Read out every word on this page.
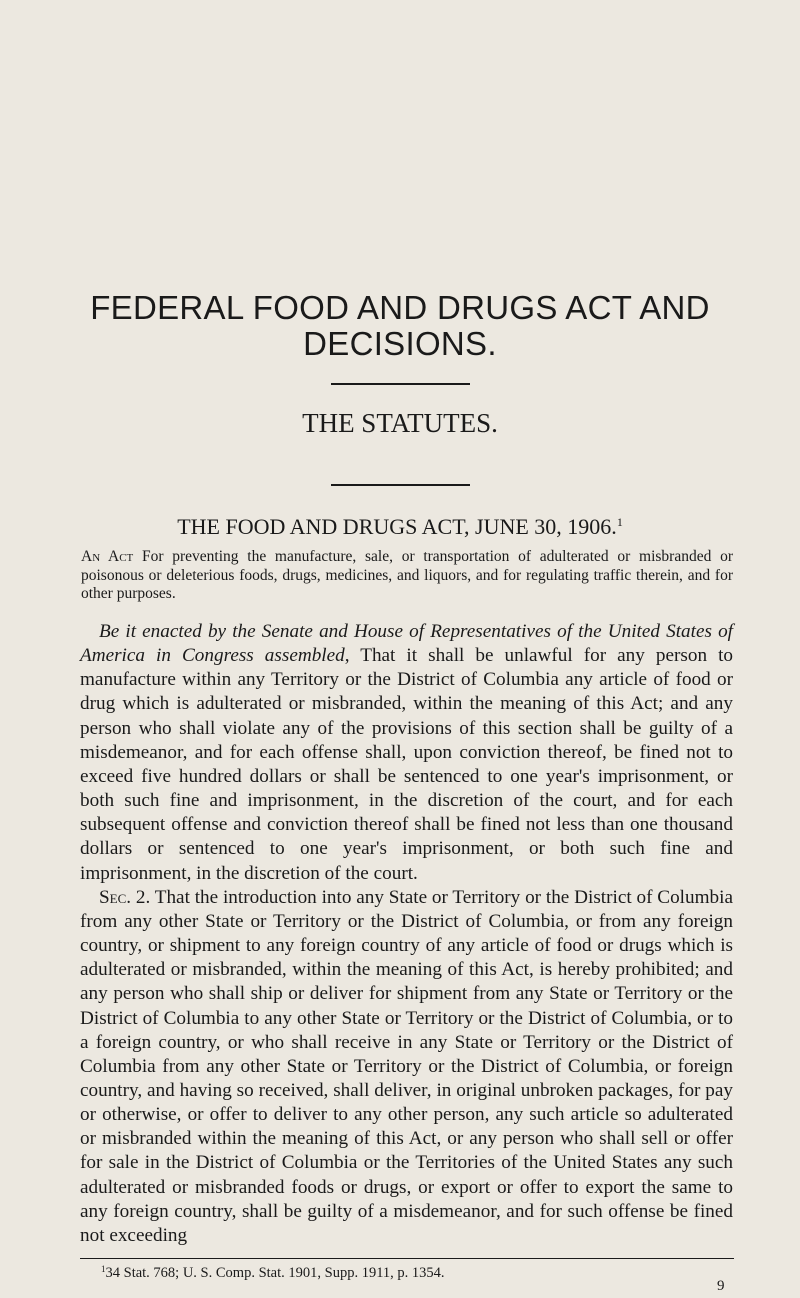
FEDERAL FOOD AND DRUGS ACT AND
DECISIONS.
THE STATUTES.
THE FOOD AND DRUGS ACT, JUNE 30, 1906.$^1$
An Act For preventing the manufacture, sale, or transportation of adulterated or misbranded or poisonous or deleterious foods, drugs, medicines, and liquors, and for regulating traffic therein, and for other purposes.

Be it enacted by the Senate and House of Representatives of the United States of America in Congress assembled, That it shall be unlawful for any person to manufacture within any Territory or the District of Columbia any article of food or drug which is adulterated or misbranded, within the meaning of this Act; and any person who shall violate any of the provisions of this section shall be guilty of a misdemeanor, and for each offense shall, upon conviction thereof, be fined not to exceed five hundred dollars or shall be sentenced to one year's imprisonment, or both such fine and imprisonment, in the discretion of the court, and for each subsequent offense and conviction thereof shall be fined not less than one thousand dollars or sentenced to one year's imprisonment, or both such fine and imprisonment, in the discretion of the court.

Sec. 2. That the introduction into any State or Territory or the District of Columbia from any other State or Territory or the District of Columbia, or from any foreign country, or shipment to any foreign country of any article of food or drugs which is adulterated or misbranded, within the meaning of this Act, is hereby prohibited; and any person who shall ship or deliver for shipment from any State or Territory or the District of Columbia to any other State or Territory or the District of Columbia, or to a foreign country, or who shall receive in any State or Territory or the District of Columbia from any other State or Territory or the District of Columbia, or foreign country, and having so received, shall deliver, in original unbroken packages, for pay or otherwise, or offer to deliver to any other person, any such article so adulterated or misbranded within the meaning of this Act, or any person who shall sell or offer for sale in the District of Columbia or the Territories of the United States any such adulterated or misbranded foods or drugs, or export or offer to export the same to any foreign country, shall be guilty of a misdemeanor, and for such offense be fined not exceeding

$^1$34 Stat. 768; U. S. Comp. Stat. 1901, Supp. 1911, p. 1354.
9
